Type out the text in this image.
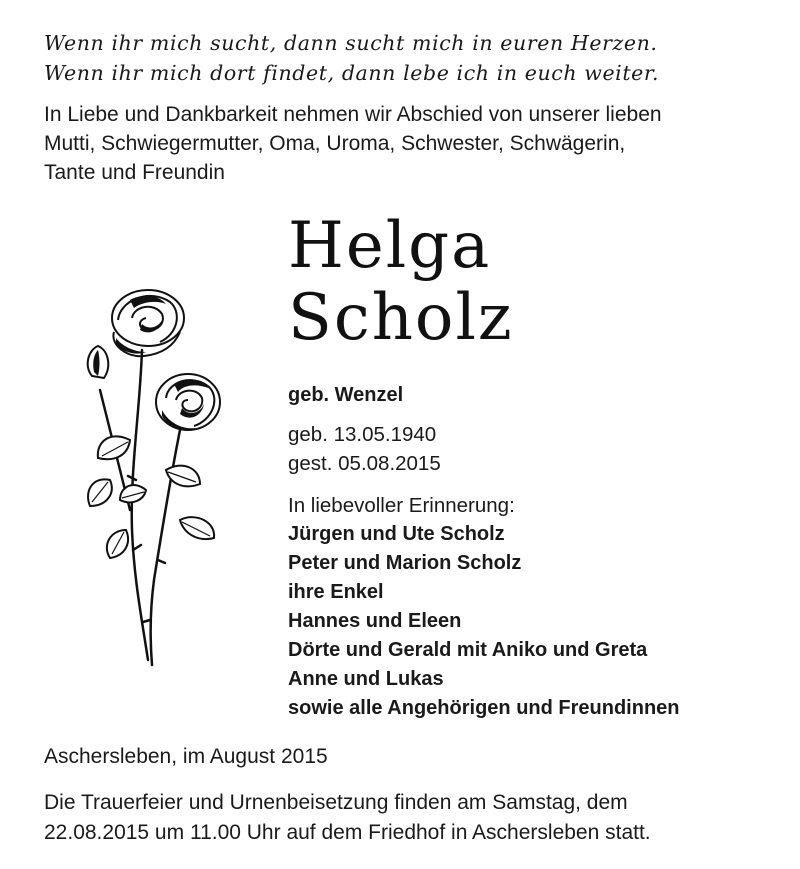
Wenn ihr mich sucht, dann sucht mich in euren Herzen.
Wenn ihr mich dort findet, dann lebe ich in euch weiter.
In Liebe und Dankbarkeit nehmen wir Abschied von unserer lieben
Mutti, Schwiegermutter, Oma, Uroma, Schwester, Schwägerin,
Tante und Freundin
Helga
Scholz
geb. Wenzel
geb. 13.05.1940
gest. 05.08.2015
In liebevoller Erinnerung:
Jürgen und Ute Scholz
Peter und Marion Scholz
ihre Enkel
Hannes und Eleen
Dörte und Gerald mit Aniko und Greta
Anne und Lukas
sowie alle Angehörigen und Freundinnen
Aschersleben, im August 2015
Die Trauerfeier und Urnenbeisetzung finden am Samstag, dem
22.08.2015 um 11.00 Uhr auf dem Friedhof in Aschersleben statt.
